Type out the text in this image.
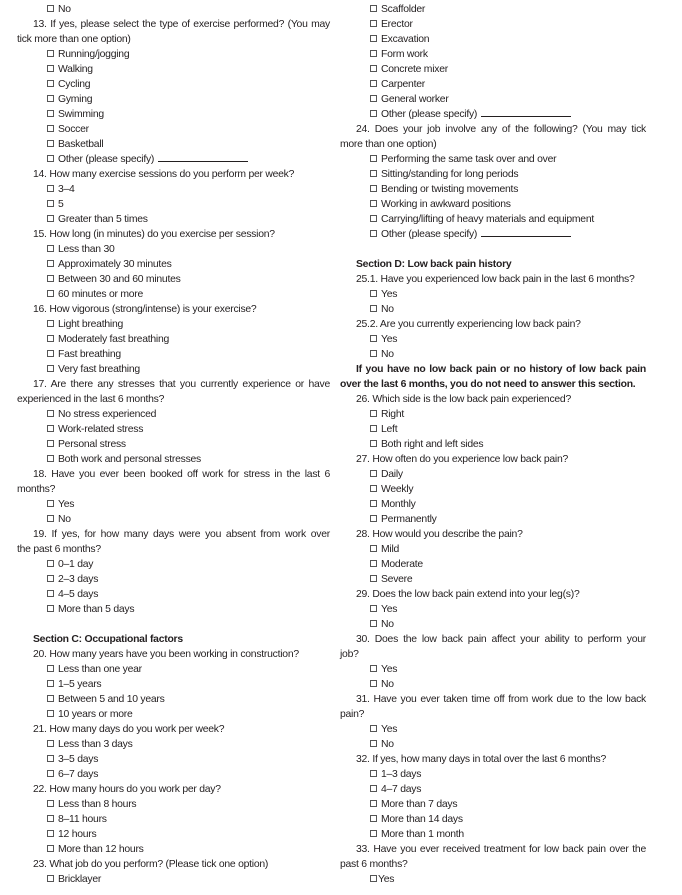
No
13. If yes, please select the type of exercise performed? (You may
tick more than one option)
Running/jogging
Walking
Cycling
Gyming
Swimming
Soccer
Basketball
Other (please specify)
14. How many exercise sessions do you perform per week?
3–4
5
Greater than 5 times
15. How long (in minutes) do you exercise per session?
Less than 30
Approximately 30 minutes
Between 30 and 60 minutes
60 minutes or more
16. How vigorous (strong/intense) is your exercise?
Light breathing
Moderately fast breathing
Fast breathing
Very fast breathing
17. Are there any stresses that you currently experience or have
experienced in the last 6 months?
No stress experienced
Work-related stress
Personal stress
Both work and personal stresses
18. Have you ever been booked off work for stress in the last 6
months?
Yes
No
19. If yes, for how many days were you absent from work over
the past 6 months?
0–1 day
2–3 days
4–5 days
More than 5 days
Section C: Occupational factors
20. How many years have you been working in construction?
Less than one year
1–5 years
Between 5 and 10 years
10 years or more
21. How many days do you work per week?
Less than 3 days
3–5 days
6–7 days
22. How many hours do you work per day?
Less than 8 hours
8–11 hours
12 hours
More than 12 hours
23. What job do you perform? (Please tick one option)
Bricklayer
Scaffolder
Erector
Excavation
Form work
Concrete mixer
Carpenter
General worker
Other (please specify)
24. Does your job involve any of the following? (You may tick
more than one option)
Performing the same task over and over
Sitting/standing for long periods
Bending or twisting movements
Working in awkward positions
Carrying/lifting of heavy materials and equipment
Other (please specify)
Section D: Low back pain history
25.1. Have you experienced low back pain in the last 6 months?
Yes
No
25.2. Are you currently experiencing low back pain?
Yes
No
If you have no low back pain or no history of low back pain
over the last 6 months, you do not need to answer this section.
26. Which side is the low back pain experienced?
Right
Left
Both right and left sides
27. How often do you experience low back pain?
Daily
Weekly
Monthly
Permanently
28. How would you describe the pain?
Mild
Moderate
Severe
29. Does the low back pain extend into your leg(s)?
Yes
No
30. Does the low back pain affect your ability to perform your
job?
Yes
No
31. Have you ever taken time off from work due to the low back
pain?
Yes
No
32. If yes, how many days in total over the last 6 months?
1–3 days
4–7 days
More than 7 days
More than 14 days
More than 1 month
33. Have you ever received treatment for low back pain over the
past 6 months?
Yes
